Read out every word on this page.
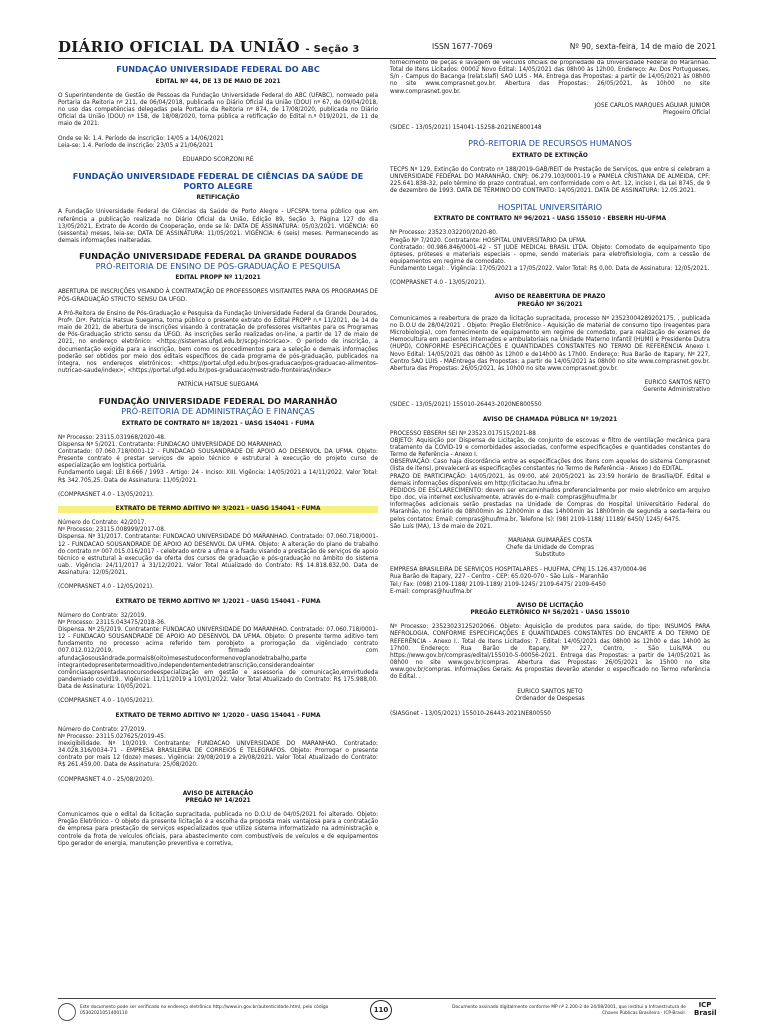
DIÁRIO OFICIAL DA UNIÃO - Seção 3	ISSN 1677-7069	Nº 90, sexta-feira, 14 de maio de 2021
FUNDAÇÃO UNIVERSIDADE FEDERAL DO ABC
EDITAL Nº 44, DE 13 DE MAIO DE 2021

O Superintendente de Gestão de Pessoas da Fundação Universidade Federal do ABC (UFABC), nomeado pela Portaria da Reitoria nº 211, de 06/04/2018, publicada no Diário Oficial da União (DOU) nº 67, de 09/04/2018, no uso das competências delegadas pela Portaria da Reitoria nº 874, de 17/08/2020, publicada no Diário Oficial da União (DOU) nº 158, de 18/08/2020, torna pública a retificação do Edital n.º 019/2021, de 11 de maio de 2021.

Onde se lê: 1.4. Período de inscrição: 14/05 a 14/06/2021
Leia-se: 1.4. Período de inscrição: 23/05 a 21/06/2021

EDUARDO SCORZONI RÉ
FUNDAÇÃO UNIVERSIDADE FEDERAL DE CIÊNCIAS DA SAÚDE DE PORTO ALEGRE
RETIFICAÇÃO

A Fundação Universidade Federal de Ciências da Saúde de Porto Alegre - UFCSPA torna público que em referência a publicação realizada no Diário Oficial da União, Edição 89, Seção 3, Página 127 do dia 13/05/2021, Extrato de Acordo de Cooperação, onde se lê: DATA DE ASSINATURA: 05/03/2021. VIGÊNCIA: 60 (sessenta) meses, leia-se: DATA DE ASSINATURA: 11/05/2021. VIGÊNCIA: 6 (seis) meses. Permanecendo as demais informações inalteradas.

FUNDAÇÃO UNIVERSIDADE FEDERAL DA GRANDE DOURADOS
PRÓ-REITORIA DE ENSINO DE PÓS-GRADUAÇÃO E PESQUISA
EDITAL PROPP Nº 11/2021

ABERTURA DE INSCRIÇÕES VISANDO À CONTRATAÇÃO DE PROFESSORES VISITANTES PARA OS PROGRAMAS DE PÓS-GRADUAÇÃO STRICTO SENSU DA UFGD.

A Pró-Reitora de Ensino de Pós-Graduação e Pesquisa da Fundação Universidade Federal da Grande Dourados, Profª. Drª. Patrícia Hatsue Suegama, torna público o presente extrato do Edital PROPP n.º 11/2021, de 14 de maio de 2021, de abertura de inscrições visando à contratação de professores visitantes para os Programas de Pós-Graduação stricto sensu da UFGD. As inscrições serão realizadas on-line, a partir de 17 de maio de 2021, no endereço eletrônico: <https://sistemas.ufgd.edu.br/scpg-inscricao>. O período de inscrição, a documentação exigida para a inscrição, bem como os procedimentos para a seleção e demais informações poderão ser obtidos por meio dos editais específicos de cada programa de pós-graduação, publicados na íntegra, nos endereços eletrônicos: <https://portal.ufgd.edu.br/pos-graduacao/pos-graduacao-alimentos-nutricao-saude/index>; <https://portal.ufgd.edu.br/pos-graduacao/mestrado-fronteiras/index>

PATRÍCIA HATSUE SUEGAMA
FUNDAÇÃO UNIVERSIDADE FEDERAL DO MARANHÃO
PRÓ-REITORIA DE ADMINISTRAÇÃO E FINANÇAS
EXTRATO DE CONTRATO Nº 18/2021 - UASG 154041 - FUMA

Nº Processo: 23115.031968/2020-48.
Dispensa Nº 5/2021. Contratante: FUNDACAO UNIVERSIDADE DO MARANHAO.
Contratado: 07.060.718/0001-12 - FUNDACAO SOUSANDRADE DE APOIO AO DESENVOL DA UFMA. Objeto: Presente contrato é prestar serviços de apoio técnico e estrutural à execução do projeto curso de especialização em logística portuária.
Fundamento Legal: LEI 8.666 / 1993 - Artigo: 24 - Inciso: XIII. Vigência: 14/05/2021 a 14/11/2022. Valor Total: R$ 342.705,25. Data de Assinatura: 11/05/2021.

(COMPRASNET 4.0 - 13/05/2021).

EXTRATO DE TERMO ADITIVO Nº 3/2021 - UASG 154041 - FUMA

Número do Contrato: 42/2017.
Nº Processo: 23115.008999/2017-08.
Dispensa. Nº 31/2017. Contratante: FUNDACAO UNIVERSIDADE DO MARANHAO. Contratado: 07.060.718/0001-12 - FUNDACAO SOUSANDRADE DE APOIO AO DESENVOL DA UFMA. Objeto: A alteração do plano de trabalho do contrato nº 007.015.016/2017 - celebrado entre a ufma e a fsadu visando a prestação de serviços de apoio técnico e estrutural à execução da oferta dos cursos de graduação e pós-graduação no âmbito do sistema uab.. Vigência: 24/11/2017 a 31/12/2021. Valor Total Atualizado do Contrato: R$ 14.818.832,00. Data de Assinatura: 12/05/2021.

(COMPRASNET 4.0 - 12/05/2021).

EXTRATO DE TERMO ADITIVO Nº 1/2021 - UASG 154041 - FUMA

Número do Contrato: 32/2019.
Nº Processo: 23115.043475/2018-36.
Dispensa. Nº 25/2019. Contratante: FUNDACAO UNIVERSIDADE DO MARANHAO. Contratado: 07.060.718/0001-12 - FUNDACAO SOUSANDRADE DE APOIO AO DESENVOL DA UFMA. Objeto: O presente termo aditivo tem fundamento no processo acima referido tem porobjeto a prorrogação da vigênciado contrato 007.012.012/2019, firmado com afundaçãosousândrade,pormais8(oito)mesestudoconformenovoplanodetrabalho,parte integrantedopresentetermoaditivo,independentementedetranscrição,considerandoainter corrênciasapresentadasnocursodeespecialização em gestão e assessoria de comunicação,emvirtudeda pandemiado covid19.. Vigência: 11/11/2019 a 10/01/2022. Valor Total Atualizado do Contrato: R$ 175.988,00. Data de Assinatura: 10/05/2021.

(COMPRASNET 4.0 - 10/05/2021).

EXTRATO DE TERMO ADITIVO Nº 1/2020 - UASG 154041 - FUMA

Número do Contrato: 27/2019.
Nº Processo: 23115.027625/2019-45.
Inexigibilidade. Nº 10/2019. Contratante: FUNDACAO UNIVERSIDADE DO MARANHAO. Contratado: 34.028.316/0034-71 - EMPRESA BRASILEIRA DE CORREIOS E TELEGRAFOS. Objeto: Prorrogar o presente contrato por mais 12 (doze) meses.. Vigência: 29/08/2019 a 29/08/2021. Valor Total Atualizado do Contrato: R$ 261.459,00. Data de Assinatura: 25/08/2020.

(COMPRASNET 4.0 - 25/08/2020).

AVISO DE ALTERAÇÃO
PREGÃO Nº 14/2021

Comunicamos que o edital da licitação supracitada, publicada no D.O.U de 04/05/2021 foi alterado. Objeto: Pregão Eletrônico - O objeto da presente licitação é a escolha da proposta mais vantajosa para a contratação de empresa para prestação de serviços especializados que utilize sistema informatizado na administração e controle da frota de veículos oficiais, para abastecimento com combustíveis de veículos e de equipamentos tipo gerador de energia, manutenção preventiva e corretiva,

fornecimento de peças e lavagem de veículos oficiais de propriedade da Universidade Federal do Maranhão. Total de Itens Licitados: 00002 Novo Edital: 14/05/2021 das 08h00 às 12h00. Endereço: Av. Dos Portugueses, S/n - Campus do Bacanga (relat.slafi) SAO LUIS - MA. Entrega das Propostas: a partir de 14/05/2021 às 08h00 no site www.comprasnet.gov.br. Abertura das Propostas: 26/05/2021, às 10h00 no site www.comprasnet.gov.br.

JOSE CARLOS MARQUES AGUIAR JUNIOR
Pregoeiro Oficial

(SIDEC - 13/05/2021) 154041-15258-2021NE800148

PRÓ-REITORIA DE RECURSOS HUMANOS
EXTRATO DE EXTINÇÃO

TECPS Nº 129, Extinção do Contrato nº 188/2019-GAB/REIT de Prestação de Serviços, que entre si celebram a UNIVERSIDADE FEDERAL DO MARANHÃO, CNPJ: 06.279.103/0001-19 e PAMELA CRISTIANA DE ALMEIDA, CPF: 225.641.838-32, pelo término do prazo contratual, em conformidade com o Art. 12, inciso I, da Lei 8745, de 9 de dezembro de 1993. DATA DE TÉRMINO DO CONTRATO: 14/05/2021. DATA DE ASSINATURA: 12.05.2021.

HOSPITAL UNIVERSITÁRIO
EXTRATO DE CONTRATO Nº 96/2021 - UASG 155010 - EBSERH HU-UFMA

Nº Processo: 23523.032200/2020-80.
Pregão Nº 7/2020. Contratante: HOSPITAL UNIVERSITARIO DA UFMA.
Contratado: 00.986.846/0001-42 - ST JUDE MEDICAL BRASIL LTDA. Objeto: Comodato de equipamento tipo ópteses, próteses e materiais especiais - opme, sendo materiais para eletrofisiologia, com a cessão de equipamentos em regime de comodato.
Fundamento Legal: . Vigência: 17/05/2021 a 17/05/2022. Valor Total: R$ 0,00. Data de Assinatura: 12/05/2021.

(COMPRASNET 4.0 - 13/05/2021).

AVISO DE REABERTURA DE PRAZO
PREGÃO Nº 36/2021

Comunicamos a reabertura de prazo da licitação supracitada, processo Nº 23523004289202175. , publicada no D.O.U de 28/04/2021 . Objeto: Pregão Eletrônico - Aquisição de material de consumo tipo (reagentes para Microbiologia), com fornecimento de equipamento em regime de comodato, para realização de exames de Hemocultura em pacientes internados e ambulatoriais na Unidade Materno Infantil (HUMI) e Presidente Dutra (HUPD), CONFORME ESPECIFICAÇÕES E QUANTIDADES CONSTANTES NO TERMO DE REFERÊNCIA Anexo I. Novo Edital: 14/05/2021 das 08h00 às 12h00 e de14h00 às 17h00. Endereço: Rua Barão de Itapary, Nº 227, Centro SAO LUIS - MAEntrega das Propostas: a partir de 14/05/2021 às 08h00 no site www.comprasnet.gov.br. Abertura das Propostas: 26/05/2021, às 10h00 no site www.comprasnet.gov.br.

EURICO SANTOS NETO
Gerente Administrativo

(SIDEC - 13/05/2021) 155010-26443-2020NE800550

AVISO DE CHAMADA PÚBLICA Nº 19/2021

PROCESSO EBSERH SEI Nº 23523.017515/2021-88
OBJETO: Aquisição por Dispensa de Licitação, de conjunto de escovas e filtro de ventilação mecânica para tratamento da COVID-19 e comorbidades associadas, conforme especificações e quantidades constantes do Termo de Referência - Anexo I.
OBSERVAÇÃO: Caso haja discordância entre as especificações dos itens com aqueles do sistema Comprasnet (lista de itens), prevalecerá as especificações constantes no Termo de Referência - Anexo I do EDITAL.
PRAZO DE PARTICIPAÇÃO: 14/05/2021, às 09:00, até 20/05/2021 às 23:59 horário de Brasília/DF. Edital e demais informações disponíveis em http://licitacao.hu.ufma.br
PEDIDOS DE ESCLARECIMENTO: devem ser encaminhados preferencialmente por meio eletrônico em arquivo tipo .doc, via internet exclusivamente, através do e-mail: compras@huufma.br
Informações adicionais serão prestadas na Unidade de Compras do Hospital Universitário Federal do Maranhão, no horário de 08h00min às 12h00min e das 14h00min às 18h00min de segunda a sexta-feira ou pelos contatos: Email: compras@huufma.br, Telefone (s): (98) 2109-1188/ 11189/ 6450/ 1245/ 6475.
São Luís (MA), 13 de maio de 2021.

MARIANA GUIMARÃES COSTA
Chefe da Unidade de Compras
Substituto

EMPRESA BRASILEIRA DE SERVIÇOS HOSPITALARES - HUUFMA, CPNJ 15.126.437/0004-96
Rua Barão de Itapary, 227 - Centro - CEP: 65.020-070 - São Luís - Maranhão
Tel./ Fax: (098) 2109-1188/ 2109-1189/ 2109-1245/ 2109-6475/ 2109-6450
E-mail: compras@huufma.br

AVISO DE LICITAÇÃO
PREGÃO ELETRÔNICO Nº 56/2021 - UASG 155010

Nº Processo: 23523023125202066. Objeto: Aquisição de produtos para saúde, do tipo: INSUMOS PARA NEFROLOGIA, CONFORME ESPECIFICAÇÕES E QUANTIDADES CONSTANTES DO ENCARTE A DO TERMO DE REFERÊNCIA - Anexo I.. Total de Itens Licitados: 7. Edital: 14/05/2021 das 08h00 às 12h00 e das 14h00 às 17h00. Endereço: Rua Barão de Itapary, Nº 227, Centro, - São Luís/MA ou https://www.gov.br/compras/edital/155010-5-00056-2021. Entrega das Propostas: a partir de 14/05/2021 às 08h00 no site www.gov.br/compras. Abertura das Propostas: 26/05/2021 às 15h00 no site www.gov.br/compras. Informações Gerais: As propostas deverão atender o especificado no Termo referência do Edital. .

EURICO SANTOS NETO
Ordenador de Despesas

(SIASGnet - 13/05/2021) 155010-26443-2021NE800550

Este documento pode ser verificado no endereço eletrônico http://www.in.gov.br/autenticidade.html, pelo código 05302021051400110	110	Documento assinado digitalmente conforme MP nº 2.200-2 de 24/08/2001, que institui a Infraestrutura de Chaves Públicas Brasileira - ICP-Brasil.
ICP Brasil
